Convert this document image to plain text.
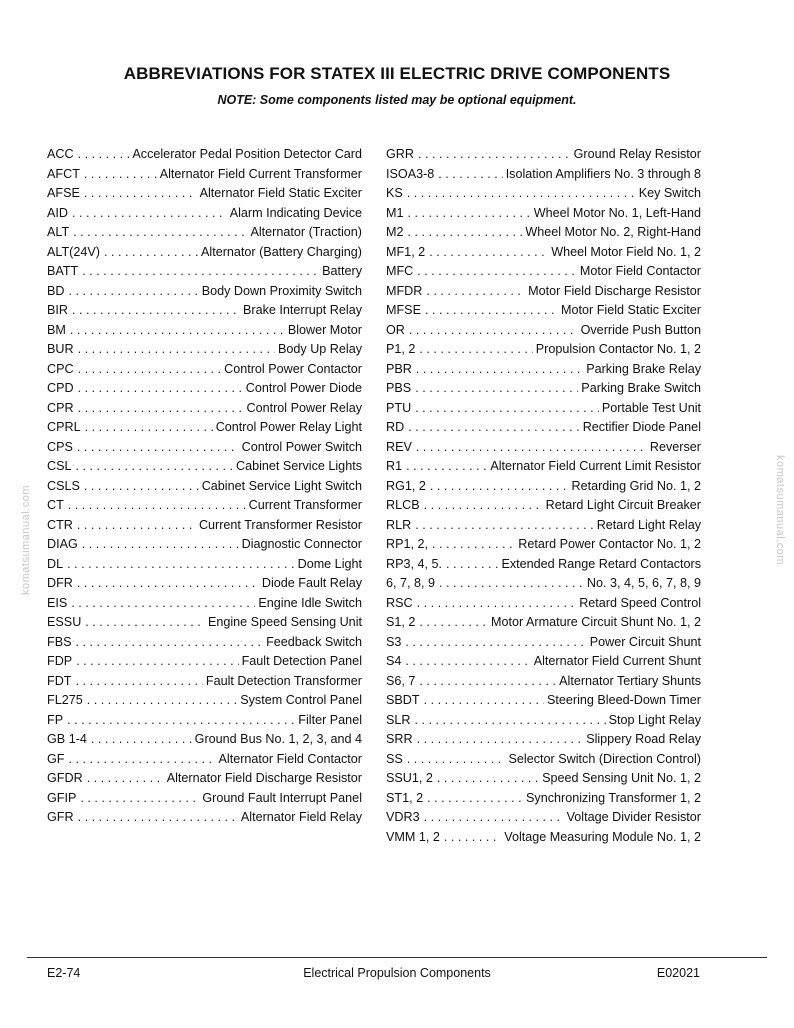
ABBREVIATIONS FOR STATEX III ELECTRIC DRIVE COMPONENTS
NOTE: Some components listed may be optional equipment.
ACC . . .	Accelerator Pedal Position Detector Card
AFCT . . .	Alternator Field Current Transformer
AFSE . . .	Alternator Field Static Exciter
AID . . .	Alarm Indicating Device
ALT . . .	Alternator (Traction)
ALT(24V) . . .	Alternator (Battery Charging)
BATT . . .	Battery
BD . . .	Body Down Proximity Switch
BIR . . .	Brake Interrupt Relay
BM . . .	Blower Motor
BUR . . .	Body Up Relay
CPC . . .	Control Power Contactor
CPD . . .	Control Power Diode
CPR . . .	Control Power Relay
CPRL . . .	Control Power Relay Light
CPS . . .	Control Power Switch
CSL . . .	Cabinet Service Lights
CSLS . . .	Cabinet Service Light Switch
CT . . .	Current Transformer
CTR . . .	Current Transformer Resistor
DIAG . . .	Diagnostic Connector
DL . . .	Dome Light
DFR . . .	Diode Fault Relay
EIS . . .	Engine Idle Switch
ESSU . . .	Engine Speed Sensing Unit
FBS . . .	Feedback Switch
FDP . . .	Fault Detection Panel
FDT . . .	Fault Detection Transformer
FL275 . . .	System Control Panel
FP . . .	Filter Panel
GB 1-4 . . .	Ground Bus No. 1, 2, 3, and 4
GF . . .	Alternator Field Contactor
GFDR . . .	Alternator Field Discharge Resistor
GFIP . . .	Ground Fault Interrupt Panel
GFR . . .	Alternator Field Relay
GRR . . .	Ground Relay Resistor
ISOA3-8 . . .	Isolation Amplifiers No. 3 through 8
KS . . .	Key Switch
M1 . . .	Wheel Motor No. 1, Left-Hand
M2 . . .	Wheel Motor No. 2, Right-Hand
MF1, 2 . . .	Wheel Motor Field No. 1, 2
MFC . . .	Motor Field Contactor
MFDR . . .	Motor Field Discharge Resistor
MFSE . . .	Motor Field Static Exciter
OR . . .	Override Push Button
P1, 2 . . .	Propulsion Contactor No. 1, 2
PBR . . .	Parking Brake Relay
PBS . . .	Parking Brake Switch
PTU . . .	Portable Test Unit
RD . . .	Rectifier Diode Panel
REV . . .	Reverser
R1 . . .	Alternator Field Current Limit Resistor
RG1, 2 . . .	Retarding Grid No. 1, 2
RLCB . . .	Retard Light Circuit Breaker
RLR . . .	Retard Light Relay
RP1, 2, . . .	Retard Power Contactor No. 1, 2
RP3, 4, 5. . . .	Extended Range Retard Contactors
6, 7, 8, 9 . . .	No. 3, 4, 5, 6, 7, 8, 9
RSC . . .	Retard Speed Control
S1, 2 . . .	Motor Armature Circuit Shunt No. 1, 2
S3 . . .	Power Circuit Shunt
S4 . . .	Alternator Field Current Shunt
S6, 7 . . .	Alternator Tertiary Shunts
SBDT . . .	Steering Bleed-Down Timer
SLR . . .	Stop Light Relay
SRR . . .	Slippery Road Relay
SS . . .	Selector Switch (Direction Control)
SSU1, 2 . . .	Speed Sensing Unit No. 1, 2
ST1, 2 . . .	Synchronizing Transformer 1, 2
VDR3 . . .	Voltage Divider Resistor
VMM 1, 2 . . .	Voltage Measuring Module No. 1, 2
komatsumanual.com	komatsumanual.com
E2-74	Electrical Propulsion Components	E02021
